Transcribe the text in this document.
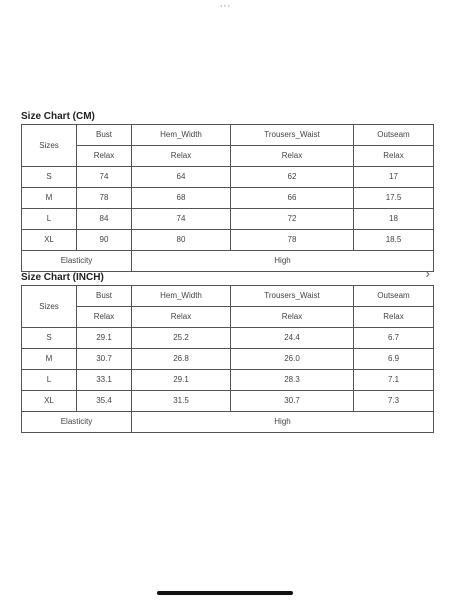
···
Size Chart (CM)
Sizes	Bust	Hem_Width	Trousers_Waist	Outseam
	Relax	Relax	Relax	Relax
S	74	64	62	17
M	78	68	66	17.5
L	84	74	72	18
XL	90	80	78	18.5
Elasticity		High		
›
Size Chart (INCH)
Sizes	Bust	Hem_Width	Trousers_Waist	Outseam
	Relax	Relax	Relax	Relax
S	29.1	25.2	24.4	6.7
M	30.7	26.8	26.0	6.9
L	33.1	29.1	28.3	7.1
XL	35.4	31.5	30.7	7.3
Elasticity		High		
